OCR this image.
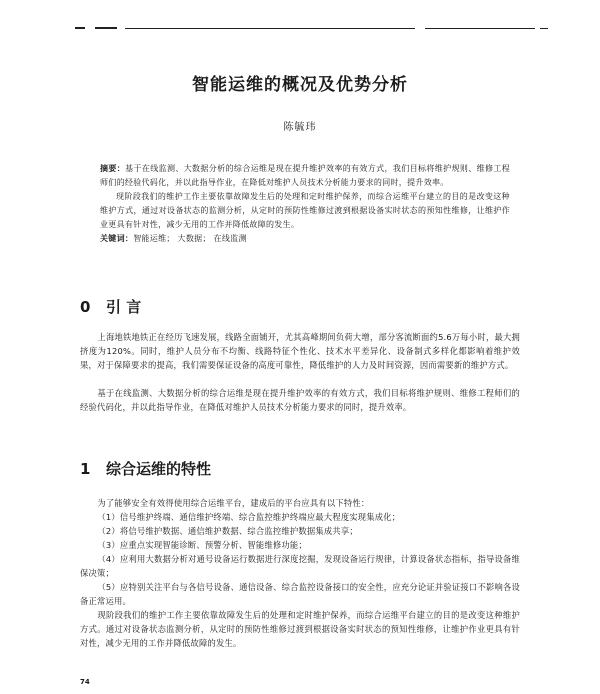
智能运维的概况及优势分析
陈毓玮

摘要：基于在线监测、大数据分析的综合运维是现在提升维护效率的有效方式，我们目标将维护规则、维修工程师们的经验代码化，并以此指导作业，在降低对维护人员技术分析能力要求的同时，提升效率。

现阶段我们的维护工作主要依靠故障发生后的处理和定时维护保养，而综合运维平台建立的目的是改变这种维护方式，通过对设备状态的监测分析，从定时的预防性维修过渡到根据设备实时状态的预知性维修，让维护作业更具有针对性，减少无用的工作并降低故障的发生。

关键词：智能运维； 大数据； 在线监测

0 引 言

上海地铁地铁正在经历飞速发展，线路全面铺开，尤其高峰期间负荷大增，部分客流断面约5.6万每小时，最大拥挤度为120%。同时，维护人员分布不均衡、线路特征个性化、技术水平差异化、设备制式多样化都影响着维护效果，对于保障要求的提高，我们需要保证设备的高度可靠性，降低维护的人力及时间资源，因而需要新的维护方式。

基于在线监测、大数据分析的综合运维是现在提升维护效率的有效方式，我们目标将维护规则、维修工程师们的经验代码化，并以此指导作业，在降低对维护人员技术分析能力要求的同时，提升效率。

1 综合运维的特性

为了能够安全有效得使用综合运维平台，建成后的平台应具有以下特性：

（1）信号维护终端、通信维护终端、综合监控维护终端应最大程度实现集成化；

（2）将信号维护数据、通信维护数据、综合监控维护数据集成共享；

（3）应重点实现智能诊断、预警分析、智能维修功能；

（4）应利用大数据分析对通号设备运行数据进行深度挖掘，发现设备运行规律，计算设备状态指标，指导设备维保决策；

（5）应特别关注平台与各信号设备、通信设备、综合监控设备接口的安全性，应充分论证并验证接口不影响各设备正常运用。

现阶段我们的维护工作主要依靠故障发生后的处理和定时维护保养，而综合运维平台建立的目的是改变这种维护方式。通过对设备状态监测分析，从定时的预防性维修过渡到根据设备实时状态的预知性维修，让维护作业更具有针对性，减少无用的工作并降低故障的发生。

74
